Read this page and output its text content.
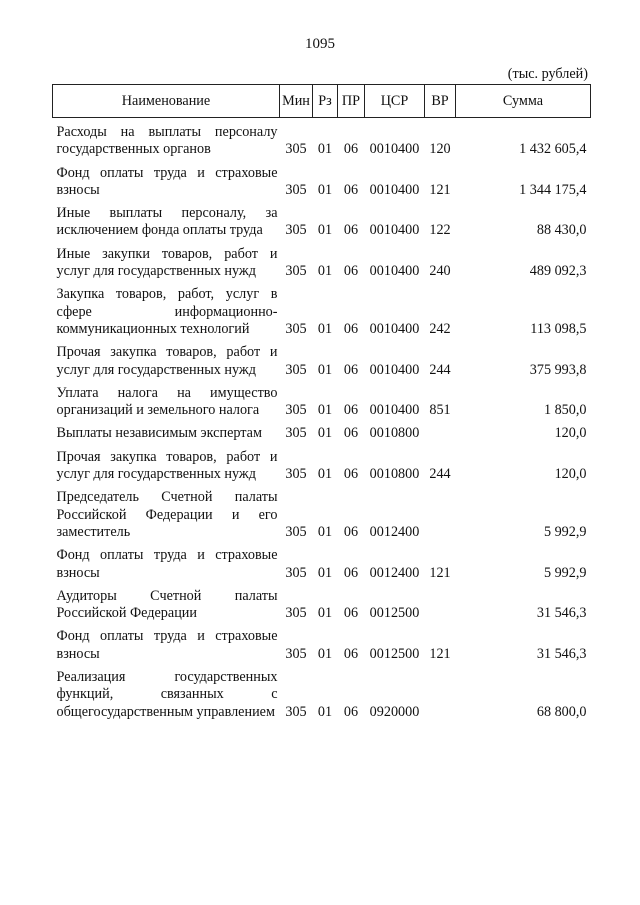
1095
(тыс. рублей)
Наименование	Мин	Рз	ПР	ЦСР	ВР	Сумма
Расходы на выплаты персоналу государственных органов	305	01	06	0010400	120	1 432 605,4
Фонд оплаты труда и страховые взносы	305	01	06	0010400	121	1 344 175,4
Иные выплаты персоналу, за исключением фонда оплаты труда	305	01	06	0010400	122	88 430,0
Иные закупки товаров, работ и услуг для государственных нужд	305	01	06	0010400	240	489 092,3
Закупка товаров, работ, услуг в сфере информационно-коммуникационных технологий	305	01	06	0010400	242	113 098,5
Прочая закупка товаров, работ и услуг для государственных нужд	305	01	06	0010400	244	375 993,8
Уплата налога на имущество организаций и земельного налога	305	01	06	0010400	851	1 850,0
Выплаты независимым экспертам	305	01	06	0010800		120,0
Прочая закупка товаров, работ и услуг для государственных нужд	305	01	06	0010800	244	120,0
Председатель Счетной палаты Российской Федерации и его заместитель	305	01	06	0012400		5 992,9
Фонд оплаты труда и страховые взносы	305	01	06	0012400	121	5 992,9
Аудиторы Счетной палаты Российской Федерации	305	01	06	0012500		31 546,3
Фонд оплаты труда и страховые взносы	305	01	06	0012500	121	31 546,3
Реализация государственных функций, связанных с общегосударственным управлением	305	01	06	0920000		68 800,0
